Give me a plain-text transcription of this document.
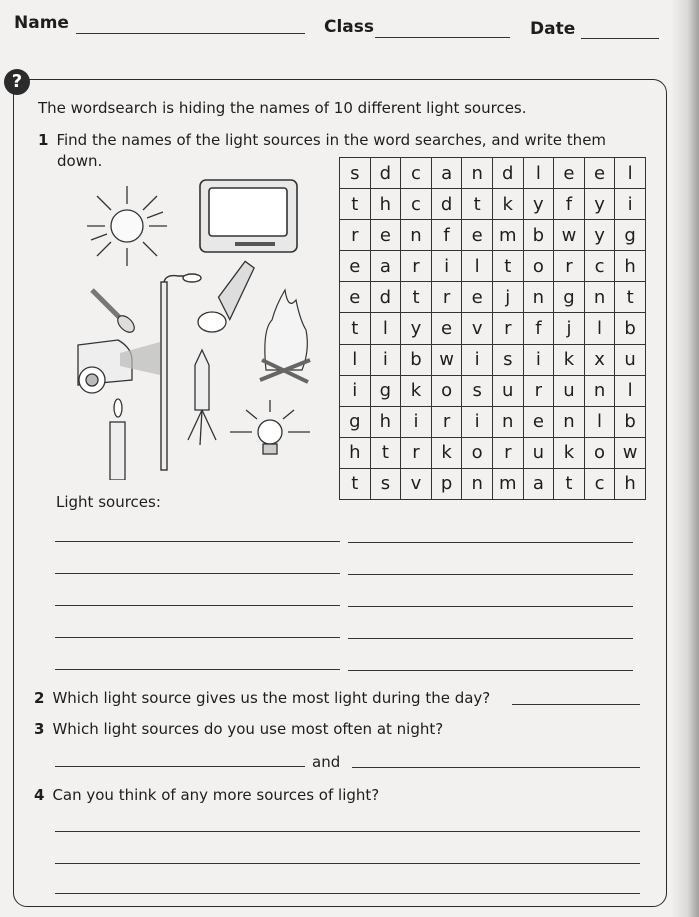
Name	Class	Date
?
The wordsearch is hiding the names of 10 different light sources.
1 Find the names of the light sources in the word searches, and write them
down.
s	d	c	a	n	d	l	e	e	l
t	h	c	d	t	k	y	f	y	i
r	e	n	f	e	m	b	w	y	g
e	a	r	i	l	t	o	r	c	h
e	d	t	r	e	j	n	g	n	t
t	l	y	e	v	r	f	j	l	b
l	i	b	w	i	s	i	k	x	u
i	g	k	o	s	u	r	u	n	l
g	h	i	r	i	n	e	n	l	b
h	t	r	k	o	r	u	k	o	w
t	s	v	p	n	m	a	t	c	h
Light sources:
2 Which light source gives us the most light during the day?
3 Which light sources do you use most often at night?
and
4 Can you think of any more sources of light?
